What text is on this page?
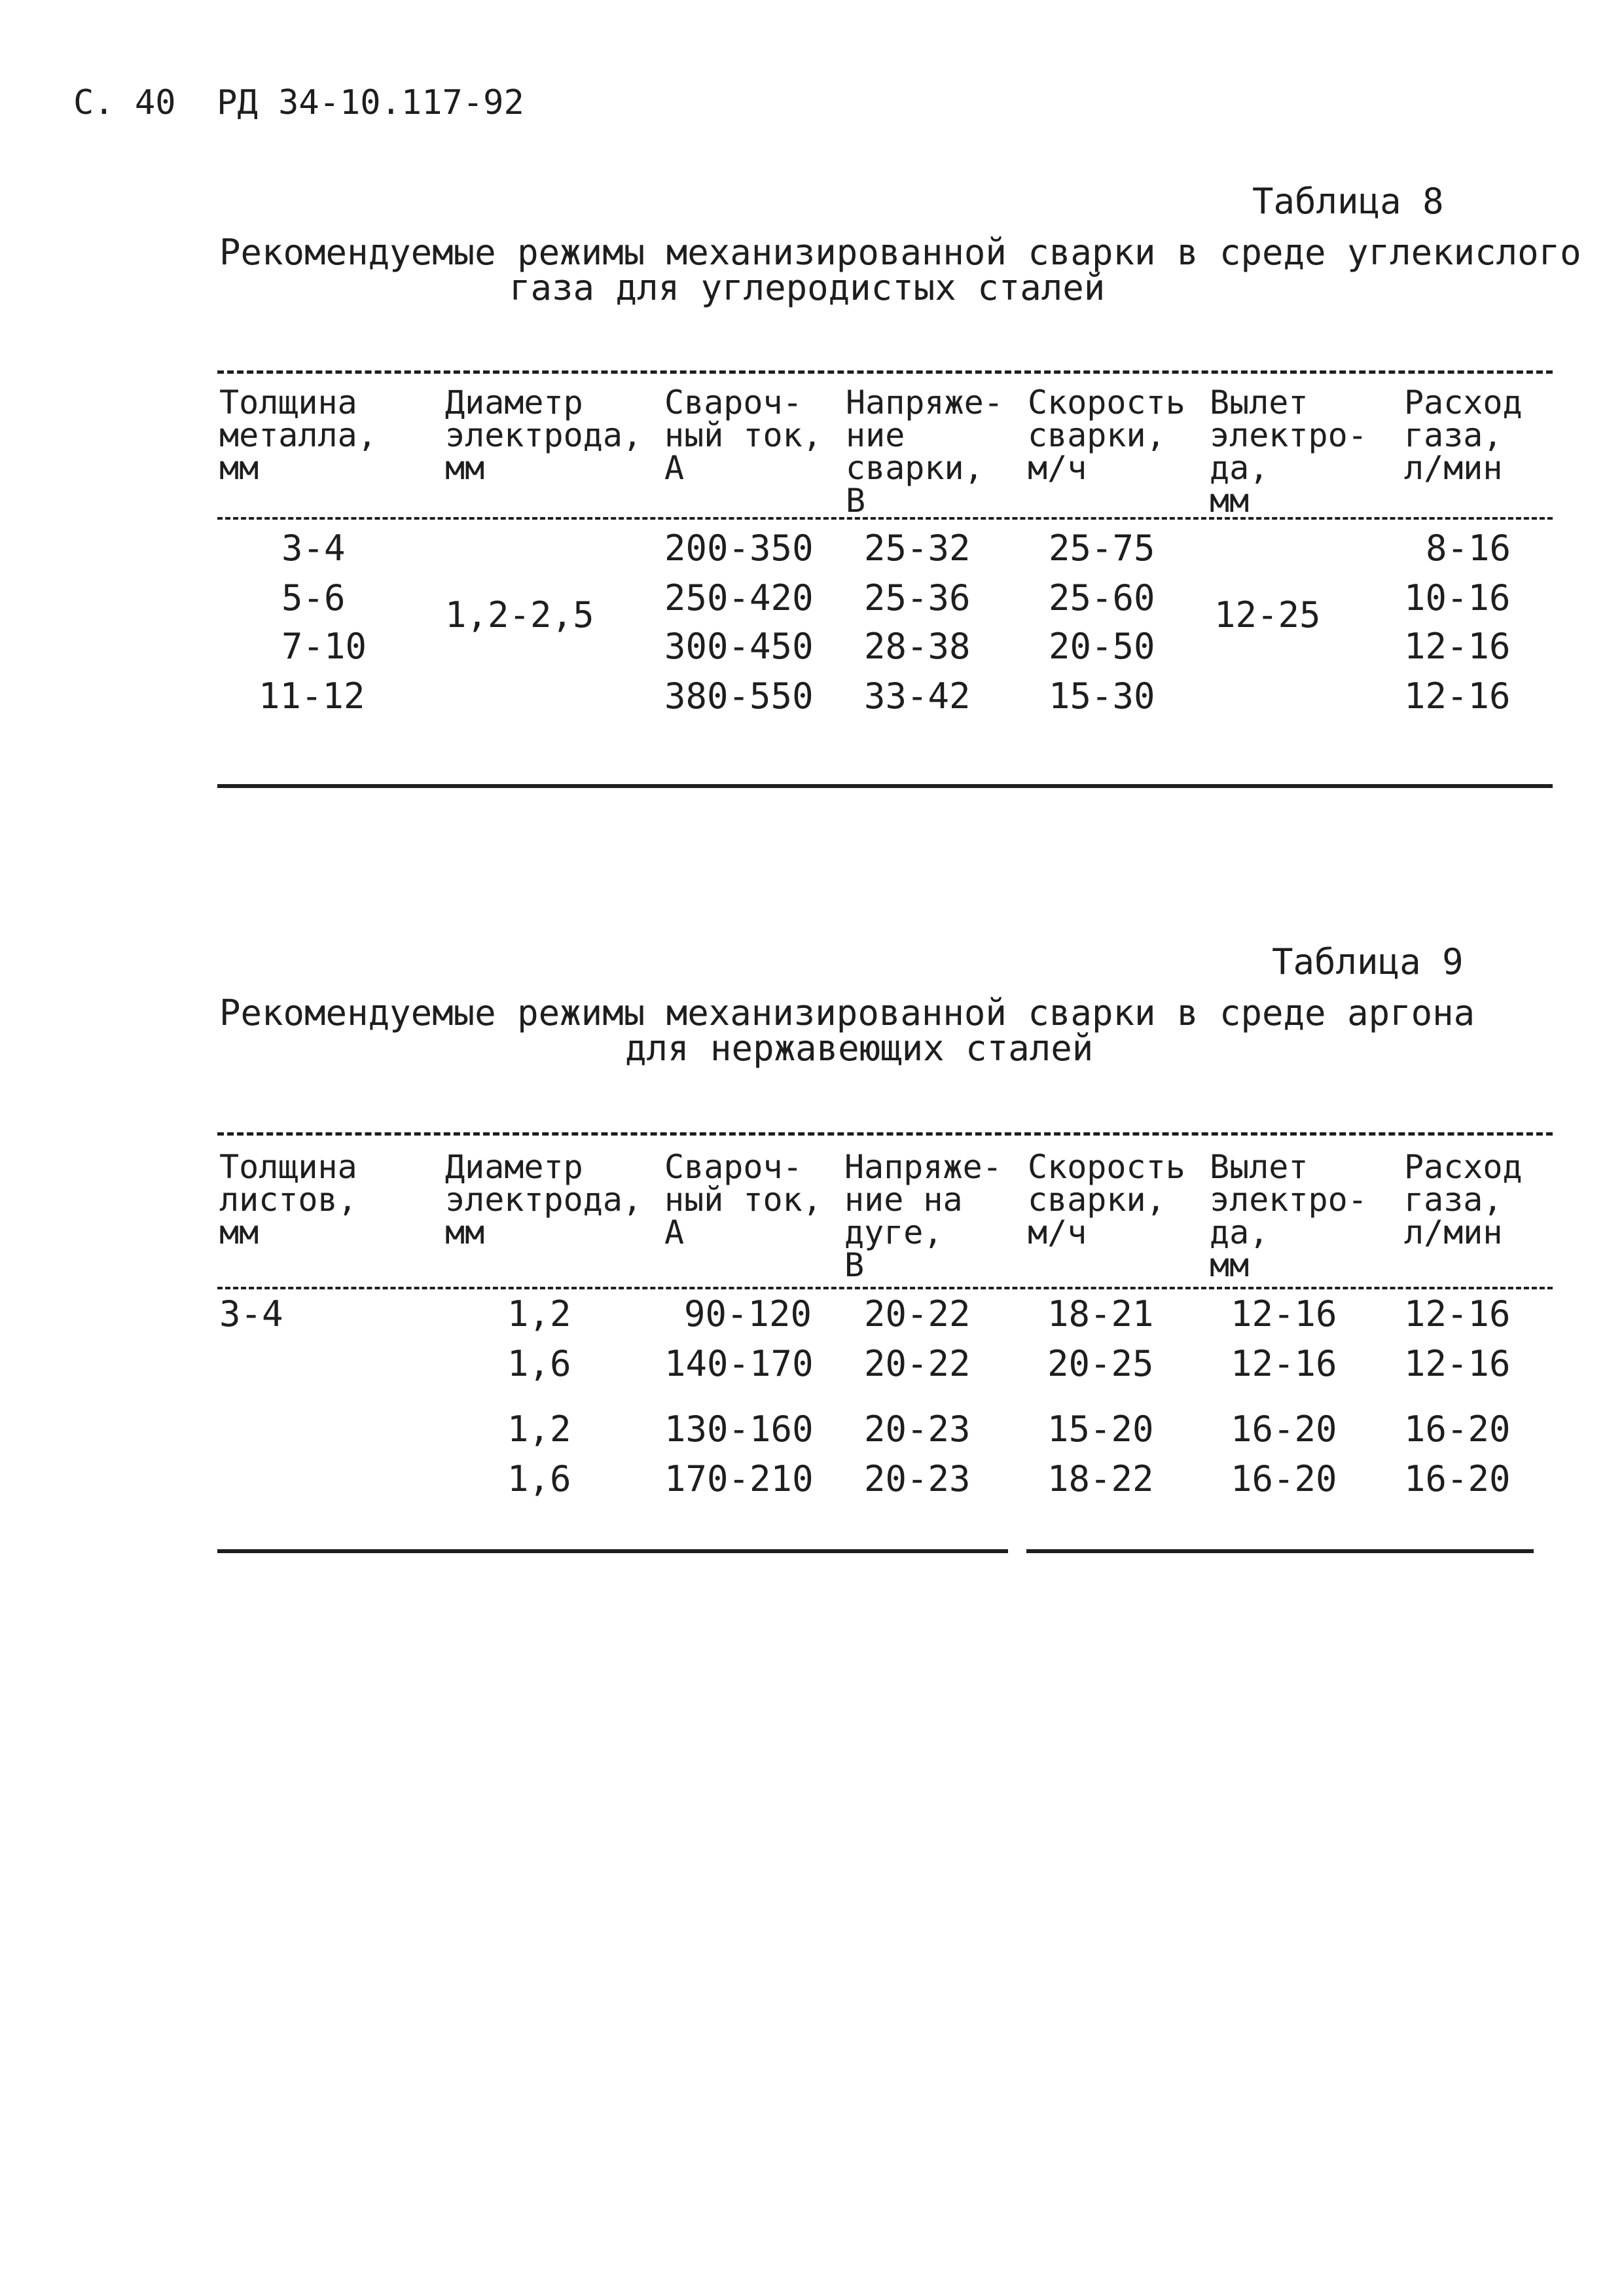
С. 40  РД 34-10.117-92
Таблица 8
Рекомендуемые режимы механизированной сварки в среде углекислого
газа для углеродистых сталей
Толщина
металла,
мм
Диаметр
электрода,
мм
Свароч-
ный ток,
А
Напряже-
ние
сварки,
В
Скорость
сварки,
м/ч
Вылет
электро-
да,
мм
Расход
газа,
л/мин
3-4
5-6
7-10
11-12
1,2-2,5
200-350
250-420
300-450
380-550
25-32
25-36
28-38
33-42
25-75
25-60
20-50
15-30
12-25
8-16
10-16
12-16
12-16
Таблица 9
Рекомендуемые режимы механизированной сварки в среде аргона
для нержавеющих сталей
Толщина
листов,
мм
Диаметр
электрода,
мм
Свароч-
ный ток,
А
Напряже-
ние на
дуге,
В
Скорость
сварки,
м/ч
Вылет
электро-
да,
мм
Расход
газа,
л/мин
3-4	1,2
1,6
1,2
1,6
90-120
140-170
130-160
170-210
20-22
20-22
20-23
20-23
18-21
20-25
15-20
18-22
12-16
12-16
16-20
16-20
12-16
12-16
16-20
16-20
